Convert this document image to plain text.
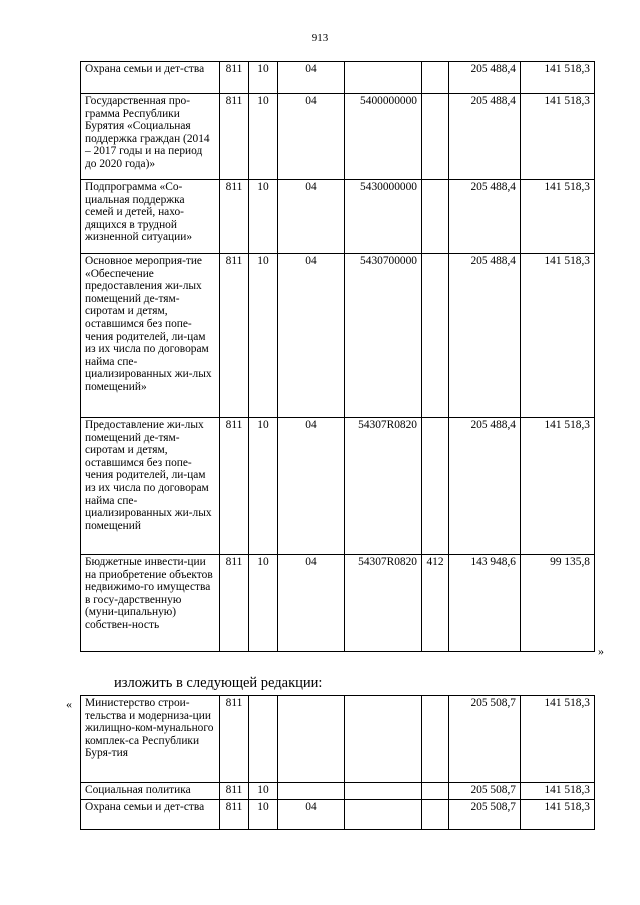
913
Охрана семьи и дет-ства	811	10	04			205 488,4	141 518,3
Государственная про-грамма Республики Бурятия «Социальная поддержка граждан (2014 – 2017 годы и на период до 2020 года)»	811	10	04	5400000000		205 488,4	141 518,3
Подпрограмма «Со-циальная поддержка семей и детей, нахо-дящихся в трудной жизненной ситуации»	811	10	04	5430000000		205 488,4	141 518,3
Основное мероприя-тие «Обеспечение предоставления жи-лых помещений де-тям-сиротам и детям, оставшимся без попе-чения родителей, ли-цам из их числа по договорам найма спе-циализированных жи-лых помещений»	811	10	04	5430700000		205 488,4	141 518,3
Предоставление жи-лых помещений де-тям-сиротам и детям, оставшимся без попе-чения родителей, ли-цам из их числа по договорам найма спе-циализированных жи-лых помещений	811	10	04	54307R0820		205 488,4	141 518,3
Бюджетные инвести-ции на приобретение объектов недвижимо-го имущества в госу-дарственную (муни-ципальную) собствен-ность	811	10	04	54307R0820	412	143 948,6	99 135,8
»
изложить в следующей редакции:
« Министерство строи-тельства и модерниза-ции жилищно-ком-мунального комплек-са Республики Буря-тия	811					205 508,7	141 518,3
Социальная политика	811	10				205 508,7	141 518,3
Охрана семьи и дет-ства	811	10	04			205 508,7	141 518,3
